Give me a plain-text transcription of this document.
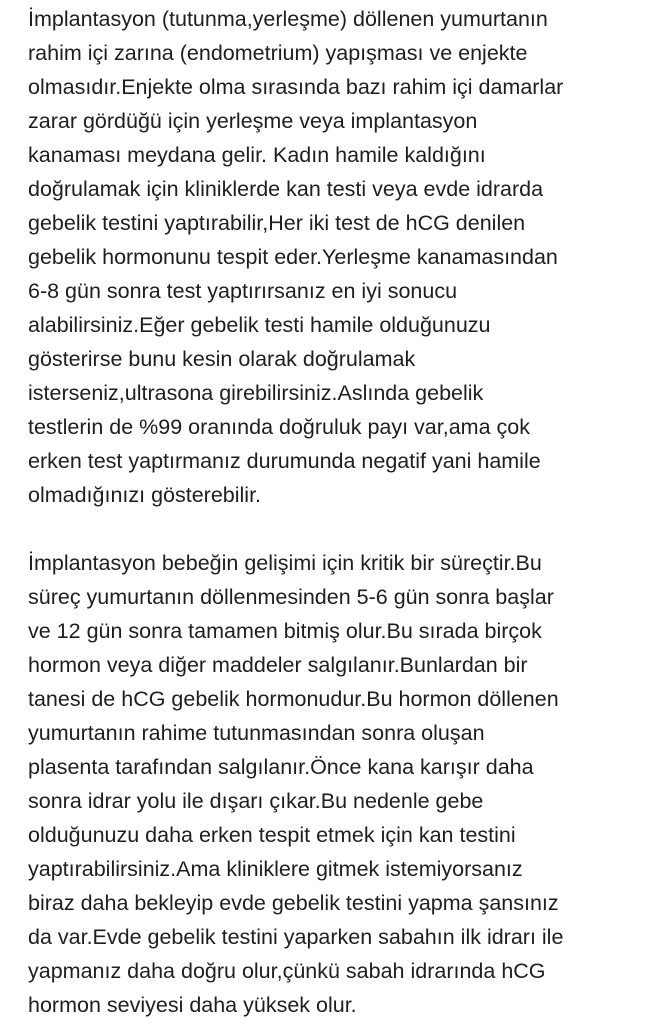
İmplantasyon (tutunma,yerleşme) döllenen yumurtanın
rahim içi zarına (endometrium) yapışması ve enjekte
olmasıdır.Enjekte olma sırasında bazı rahim içi damarlar
zarar gördüğü için yerleşme veya implantasyon
kanaması meydana gelir. Kadın hamile kaldığını
doğrulamak için kliniklerde kan testi veya evde idrarda
gebelik testini yaptırabilir,Her iki test de hCG denilen
gebelik hormonunu tespit eder.Yerleşme kanamasından
6-8 gün sonra test yaptırırsanız en iyi sonucu
alabilirsiniz.Eğer gebelik testi hamile olduğunuzu
gösterirse bunu kesin olarak doğrulamak
isterseniz,ultrasona girebilirsiniz.Aslında gebelik
testlerin de %99 oranında doğruluk payı var,ama çok
erken test yaptırmanız durumunda negatif yani hamile
olmadığınızı gösterebilir.
İmplantasyon bebeğin gelişimi için kritik bir süreçtir.Bu
süreç yumurtanın döllenmesinden 5-6 gün sonra başlar
ve 12 gün sonra tamamen bitmiş olur.Bu sırada birçok
hormon veya diğer maddeler salgılanır.Bunlardan bir
tanesi de hCG gebelik hormonudur.Bu hormon döllenen
yumurtanın rahime tutunmasından sonra oluşan
plasenta tarafından salgılanır.Önce kana karışır daha
sonra idrar yolu ile dışarı çıkar.Bu nedenle gebe
olduğunuzu daha erken tespit etmek için kan testini
yaptırabilirsiniz.Ama kliniklere gitmek istemiyorsanız
biraz daha bekleyip evde gebelik testini yapma şansınız
da var.Evde gebelik testini yaparken sabahın ilk idrarı ile
yapmanız daha doğru olur,çünkü sabah idrarında hCG
hormon seviyesi daha yüksek olur.
